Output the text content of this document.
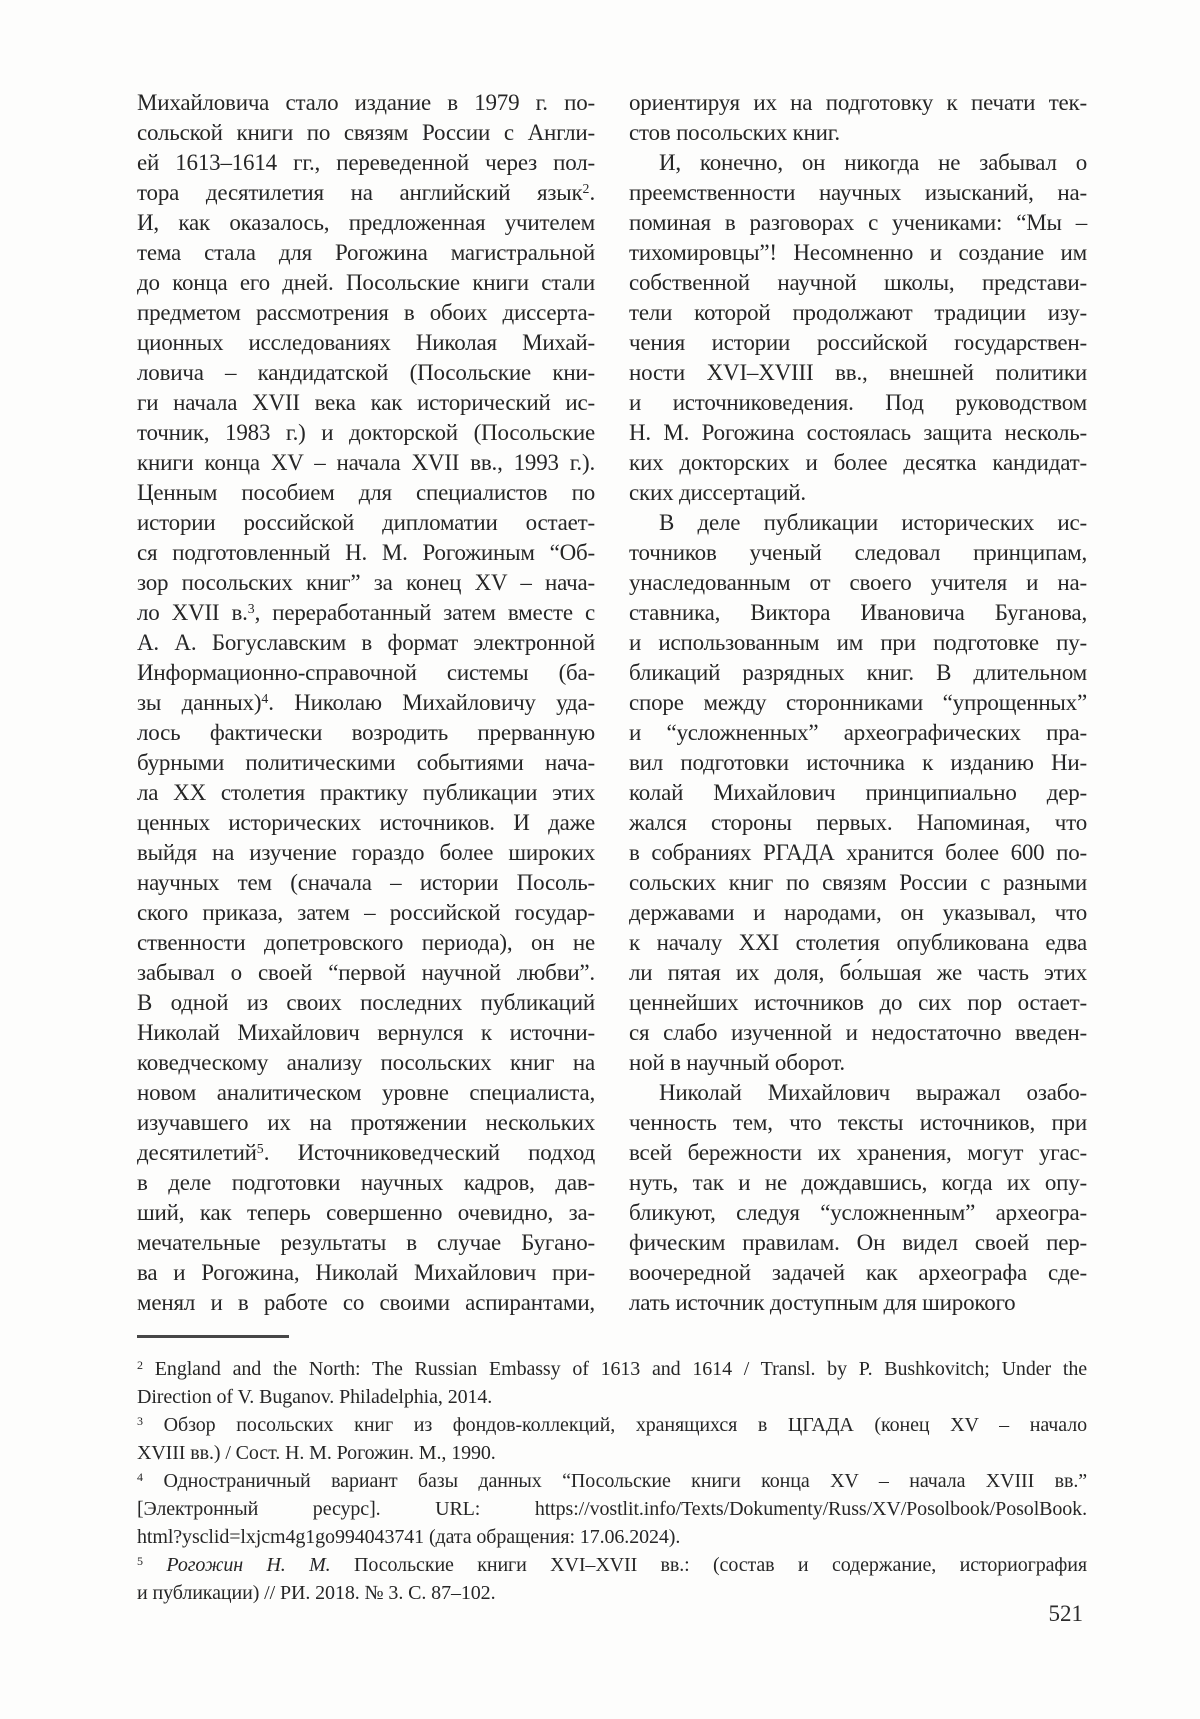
Михайловича стало издание в 1979 г. по-
сольской книги по связям России с Англи-
ей 1613–1614 гг., переведенной через пол-
тора десятилетия на английский язык$^2$.
И, как оказалось, предложенная учителем
тема стала для Рогожина магистральной
до конца его дней. Посольские книги стали
предметом рассмотрения в обоих диссерта-
ционных исследованиях Николая Михай-
ловича – кандидатской (Посольские кни-
ги начала XVII века как исторический ис-
точник, 1983 г.) и докторской (Посольские
книги конца XV – начала XVII вв., 1993 г.).
Ценным пособием для специалистов по
истории российской дипломатии остает-
ся подготовленный Н. М. Рогожиным “Об-
зор посольских книг” за конец XV – нача-
ло XVII в.$^3$, переработанный затем вместе с
А. А. Богуславским в формат электронной
Информационно-справочной системы (ба-
зы данных)$^4$. Николаю Михайловичу уда-
лось фактически возродить прерванную
бурными политическими событиями нача-
ла XX столетия практику публикации этих
ценных исторических источников. И даже
выйдя на изучение гораздо более широких
научных тем (сначала – истории Посоль-
ского приказа, затем – российской государ-
ственности допетровского периода), он не
забывал о своей “первой научной любви”.
В одной из своих последних публикаций
Николай Михайлович вернулся к источни-
коведческому анализу посольских книг на
новом аналитическом уровне специалиста,
изучавшего их на протяжении нескольких
десятилетий$^5$. Источниковедческий подход
в деле подготовки научных кадров, дав-
ший, как теперь совершенно очевидно, за-
мечательные результаты в случае Бугано-
ва и Рогожина, Николай Михайлович при-
менял и в работе со своими аспирантами,
ориентируя их на подготовку к печати тек-
стов посольских книг.
И, конечно, он никогда не забывал о
преемственности научных изысканий, на-
поминая в разговорах с учениками: “Мы –
тихомировцы”! Несомненно и создание им
собственной научной школы, представи-
тели которой продолжают традиции изу-
чения истории российской государствен-
ности XVI–XVIII вв., внешней политики
и источниковедения. Под руководством
Н. М. Рогожина состоялась защита несколь-
ких докторских и более десятка кандидат-
ских диссертаций.
В деле публикации исторических ис-
точников ученый следовал принципам,
унаследованным от своего учителя и на-
ставника, Виктора Ивановича Буганова,
и использованным им при подготовке пу-
бликаций разрядных книг. В длительном
споре между сторонниками “упрощенных”
и “усложненных” археографических пра-
вил подготовки источника к изданию Ни-
колай Михайлович принципиально дер-
жался стороны первых. Напоминая, что
в собраниях РГАДА хранится более 600 по-
сольских книг по связям России с разными
державами и народами, он указывал, что
к началу XXI столетия опубликована едва
ли пятая их доля, бо́льшая же часть этих
ценнейших источников до сих пор остает-
ся слабо изученной и недостаточно введен-
ной в научный оборот.
Николай Михайлович выражал озабо-
ченность тем, что тексты источников, при
всей бережности их хранения, могут угас-
нуть, так и не дождавшись, когда их опу-
бликуют, следуя “усложненным” археогра-
фическим правилам. Он видел своей пер-
воочередной задачей как археографа сде-
лать источник доступным для широкого
$^2$ England and the North: The Russian Embassy of 1613 and 1614 / Transl. by P. Bushkovitch; Under the
Direction of V. Buganov. Philadelphia, 2014.
$^3$ Обзор посольских книг из фондов-коллекций, хранящихся в ЦГАДА (конец XV – начало
XVIII вв.) / Сост. Н. М. Рогожин. М., 1990.
$^4$ Одностраничный вариант базы данных “Посольские книги конца XV – начала XVIII вв.”
[Электронный ресурс]. URL: https://vostlit.info/Texts/Dokumenty/Russ/XV/Posolbook/PosolBook.
html?ysclid=lxjcm4g1go994043741 (дата обращения: 17.06.2024).
$^5$ Рогожин Н. М. Посольские книги XVI–XVII вв.: (состав и содержание, историография
и публикации) // РИ. 2018. № 3. С. 87–102.
521
